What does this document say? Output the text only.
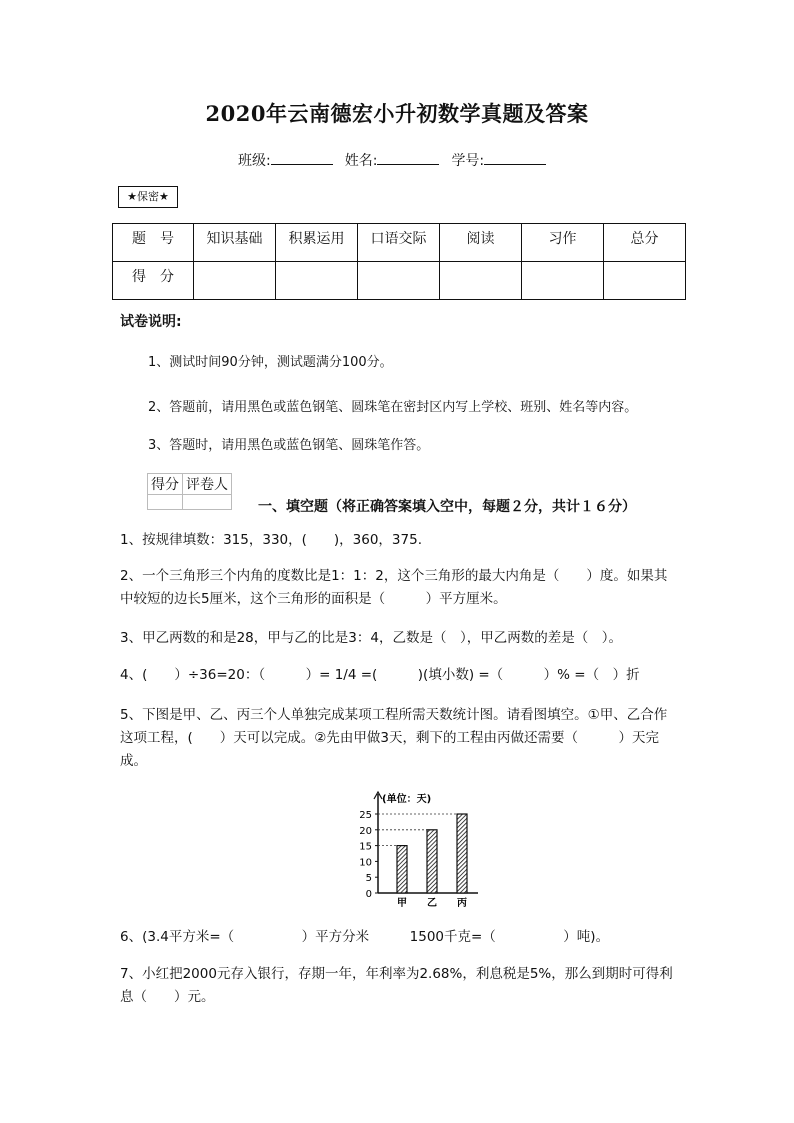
2020年云南德宏小升初数学真题及答案
班级:	姓名:	学号:
★保密★
题　号	知识基础	积累运用	口语交际	阅读	习作	总分
得　分						
试卷说明:
1、测试时间90分钟，测试题满分100分。
2、答题前，请用黑色或蓝色钢笔、圆珠笔在密封区内写上学校、班别、姓名等内容。
3、答题时，请用黑色或蓝色钢笔、圆珠笔作答。
得分	评卷人

一、填空题（将正确答案填入空中，每题２分，共计１６分）
1、按规律填数：315，330，(　　)，360，375.
2、一个三角形三个内角的度数比是1：1：2，这个三角形的最大内角是（　　）度。如果其中较短的边长5厘米，这个三角形的面积是（　　　）平方厘米。
3、甲乙两数的和是28，甲与乙的比是3：4，乙数是（　），甲乙两数的差是（　）。
4、(　　）÷36=20：（　　　）= 1/4 =(　　　)(填小数) =（　　　）% =（　）折
5、下图是甲、乙、丙三个人单独完成某项工程所需天数统计图。请看图填空。①甲、乙合作这项工程，(　　）天可以完成。②先由甲做3天，剩下的工程由丙做还需要（　　　）天完成。
(单位：天)
0
5
10
15
20
25
甲 乙 丙
6、(3.4平方米=（　　　　　）平方分米　　　1500千克=（　　　　　）吨)。
7、小红把2000元存入银行，存期一年，年利率为2.68%，利息税是5%，那么到期时可得利息（　　）元。
